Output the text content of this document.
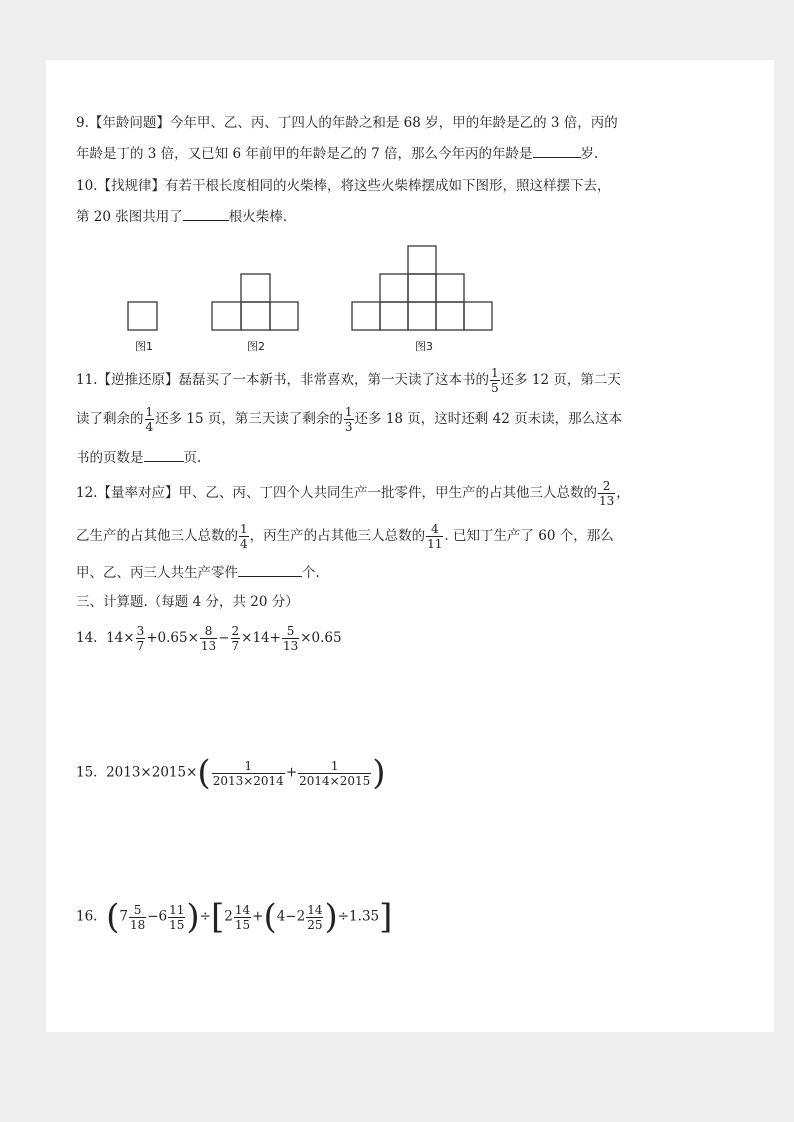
9.【年龄问题】今年甲、乙、丙、丁四人的年龄之和是 68 岁，甲的年龄是乙的 3 倍，丙的
年龄是丁的 3 倍，又已知 6 年前甲的年龄是乙的 7 倍，那么今年丙的年龄是	岁.
10.【找规律】有若干根长度相同的火柴棒，将这些火柴棒摆成如下图形，照这样摆下去，
第 20 张图共用了	根火柴棒.
图1	图2	图3
11.【逆推还原】磊磊买了一本新书，非常喜欢，第一天读了这本书的 $\frac{1}{5}$ 还多 12 页，第二天
读了剩余的 $\frac{1}{4}$ 还多 15 页，第三天读了剩余的 $\frac{1}{3}$ 还多 18 页，这时还剩 42 页未读，那么这本
书的页数是	页.
12.【量率对应】甲、乙、丙、丁四个人共同生产一批零件，甲生产的占其他三人总数的 $\frac{2}{13}$ ，
乙生产的占其他三人总数的 $\frac{1}{4}$ ，丙生产的占其他三人总数的 $\frac{4}{11}$ . 已知丁生产了 60 个，那么
甲、乙、丙三人共生产零件	个.
三、计算题.（每题 4 分，共 20 分）
14. $14\times \frac{3}{7} +0.65\times \frac{8}{13} - \frac{2}{7} \times 14+ \frac{5}{13} \times 0.65$
15. $2013\times 2015\times( \frac{1}{2013\times 2014} + \frac{1}{2014\times 2015}$ )
16. $(7 \frac{5}{18} -6 \frac{11}{15} )\div[2 \frac{14}{15} +(4-2 \frac{14}{25} )\div 1.35]$
